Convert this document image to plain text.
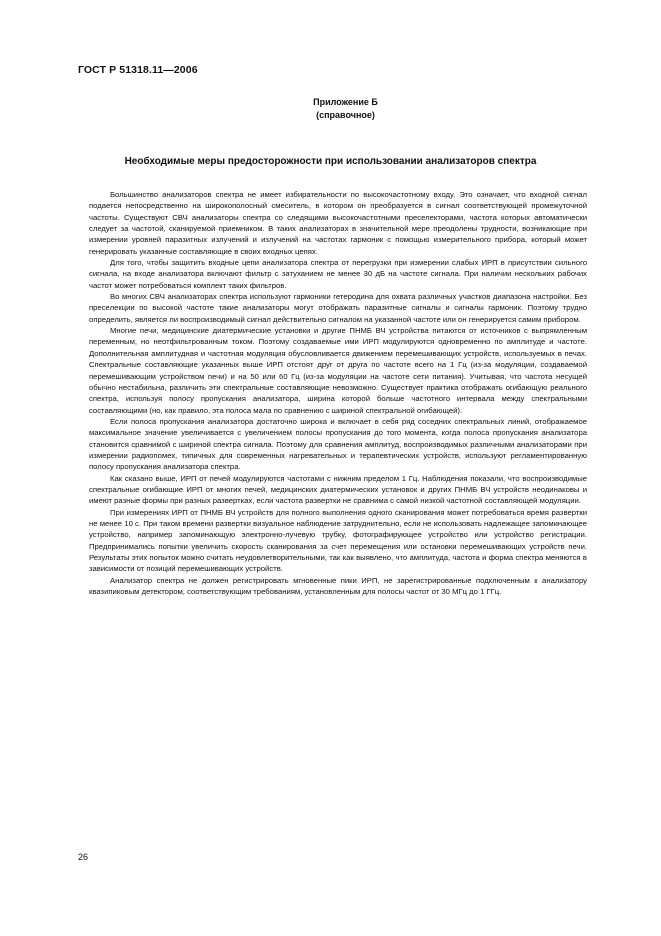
ГОСТ Р 51318.11—2006
Приложение Б
(справочное)
Необходимые меры предосторожности при использовании анализаторов спектра

Большинство анализаторов спектра не имеет избирательности по высокочастотному входу. Это означает, что входной сигнал подается непосредственно на широкополосный смеситель, в котором он преобразуется в сигнал соответствующей промежуточной частоты. Существуют СВЧ анализаторы спектра со следящими высокочастотными преселекторами, частота которых автоматически следует за частотой, сканируемой приемником. В таких анализаторах в значительной мере преодолены трудности, возникающие при измерении уровней паразитных излучений и излучений на частотах гармоник с помощью измерительного прибора, который может генерировать указанные составляющие в своих входных цепях.

Для того, чтобы защитить входные цепи анализатора спектра от перегрузки при измерении слабых ИРП в присутствии сильного сигнала, на входе анализатора включают фильтр с затуханием не менее 30 дБ на частоте сигнала. При наличии нескольких рабочих частот может потребоваться комплект таких фильтров.

Во многих СВЧ анализаторах спектра используют гармоники гетеродина для охвата различных участков диапазона настройки. Без преселекции по высокой частоте такие анализаторы могут отображать паразитные сигналы и сигналы гармоник. Поэтому трудно определить, является ли воспроизводимый сигнал действительно сигналом на указанной частоте или он генерируется самим прибором.

Многие печи, медицинские диатермические установки и другие ПНМБ ВЧ устройства питаются от источников с выпрямленным переменным, но неотфильтрованным током. Поэтому создаваемые ими ИРП модулируются одновременно по амплитуде и частоте. Дополнительная амплитудная и частотная модуляция обусловливается движением перемешивающих устройств, используемых в печах. Спектральные составляющие указанных выше ИРП отстоят друг от друга по частоте всего на 1 Гц (из-за модуляции, создаваемой перемешивающим устройством печи) и на 50 или 60 Гц (из-за модуляции на частоте сети питания). Учитывая, что частота несущей обычно нестабильна, различить эти спектральные составляющие невозможно. Существует практика отображать огибающую реального спектра, используя полосу пропускания анализатора, ширина которой больше частотного интервала между спектральными составляющими (но, как правило, эта полоса мала по сравнению с шириной спектральной огибающей).

Если полоса пропускания анализатора достаточно широка и включает в себя ряд соседних спектральных линий, отображаемое максимальное значение увеличивается с увеличением полосы пропускания до того момента, когда полоса пропускания анализатора становится сравнимой с шириной спектра сигнала. Поэтому для сравнения амплитуд, воспроизводимых различными анализаторами при измерении радиопомех, типичных для современных нагревательных и терапевтических устройств, используют регламентированную полосу пропускания анализатора спектра.

Как сказано выше, ИРП от печей модулируются частотами с нижним пределом 1 Гц. Наблюдения показали, что воспроизводимые спектральные огибающие ИРП от многих печей, медицинских диатермических установок и других ПНМБ ВЧ устройств неодинаковы и имеют разные формы при разных развертках, если частота развертки не сравнима с самой низкой частотной составляющей модуляции.

При измерениях ИРП от ПНМБ ВЧ устройств для полного выполнения одного сканирования может потребоваться время развертки не менее 10 с. При таком времени развертки визуальное наблюдение затруднительно, если не использовать надлежащее запоминающее устройство, например запоминающую электронно-лучевую трубку, фотографирующее устройство или устройство регистрации. Предпринимались попытки увеличить скорость сканирования за счет перемещения или остановки перемешивающих устройств печи. Результаты этих попыток можно считать неудовлетворительными, так как выявлено, что амплитуда, частота и форма спектра меняются в зависимости от позиций перемешивающих устройств.

Анализатор спектра не должен регистрировать мгновенные пики ИРП, не зарегистрированные подключенным к анализатору квазипиковым детектором, соответствующим требованиям, установленным для полосы частот от 30 МГц до 1 ГГц.

26
